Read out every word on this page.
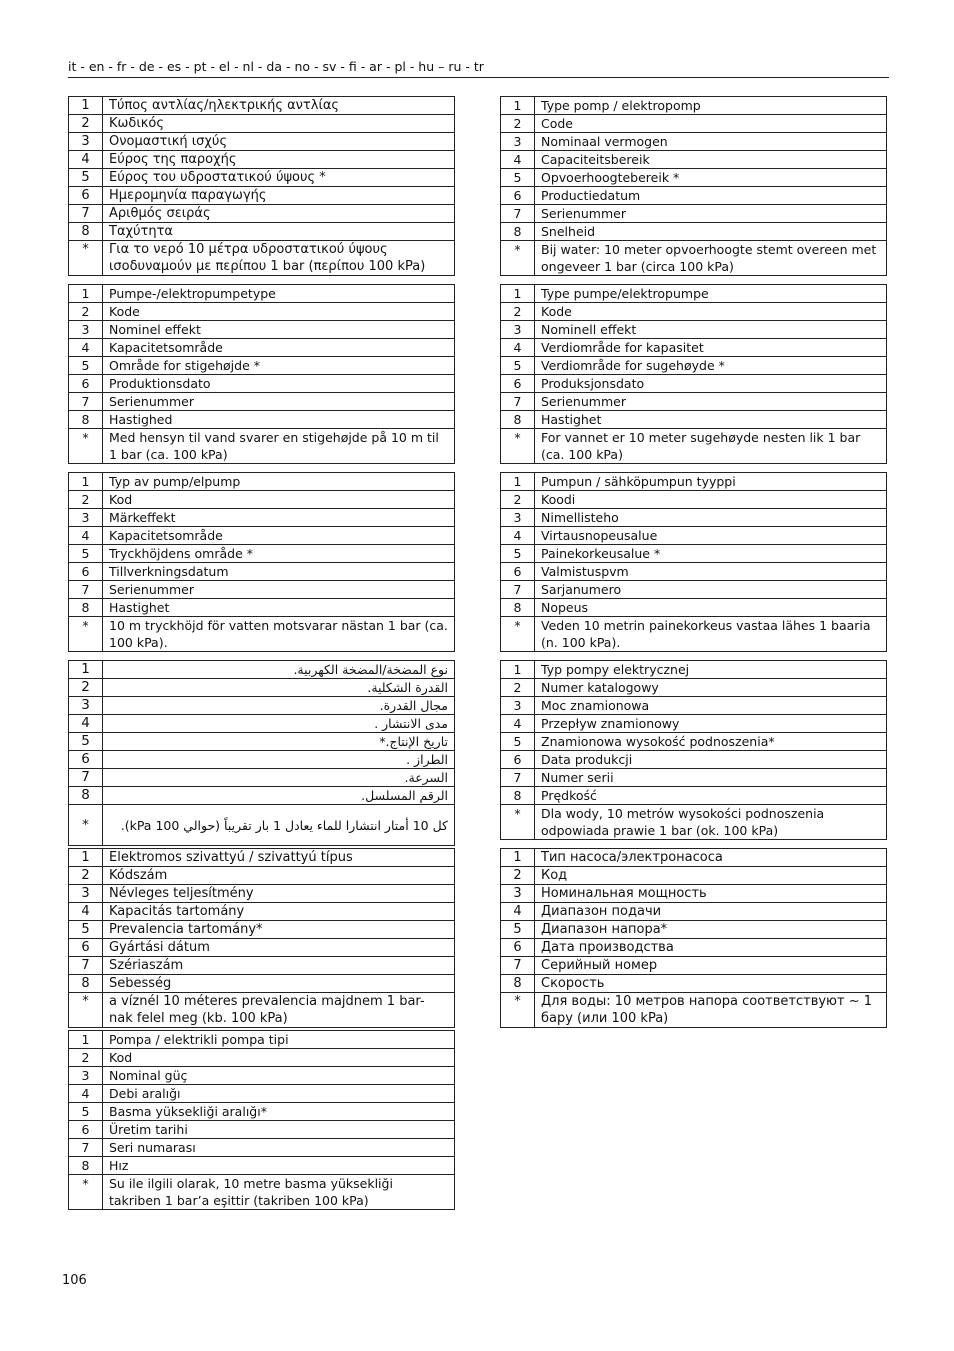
it - en - fr - de - es - pt - el - nl - da - no - sv - fi - ar - pl - hu – ru - tr
1	Τύπος αντλίας/ηλεκτρικής αντλίας
2	Κωδικός
3	Ονομαστική ισχύς
4	Εύρος της παροχής
5	Εύρος του υδροστατικού ύψους *
6	Ημερομηνία παραγωγής
7	Αριθμός σειράς
8	Ταχύτητα
*	Για το νερό 10 μέτρα υδροστατικού ύψους ισοδυναμούν με περίπου 1 bar (περίπου 100 kPa)
1	Type pomp / elektropomp
2	Code
3	Nominaal vermogen
4	Capaciteitsbereik
5	Opvoerhoogtebereik *
6	Productiedatum
7	Serienummer
8	Snelheid
*	Bij water: 10 meter opvoerhoogte stemt overeen met ongeveer 1 bar (circa 100 kPa)
1	Pumpe-/elektropumpetype
2	Kode
3	Nominel effekt
4	Kapacitetsområde
5	Område for stigehøjde *
6	Produktionsdato
7	Serienummer
8	Hastighed
*	Med hensyn til vand svarer en stigehøjde på 10 m til 1 bar (ca. 100 kPa)
1	Type pumpe/elektropumpe
2	Kode
3	Nominell effekt
4	Verdiområde for kapasitet
5	Verdiområde for sugehøyde *
6	Produksjonsdato
7	Serienummer
8	Hastighet
*	For vannet er 10 meter sugehøyde nesten lik 1 bar (ca. 100 kPa)
1	Typ av pump/elpump
2	Kod
3	Märkeffekt
4	Kapacitetsområde
5	Tryckhöjdens område *
6	Tillverkningsdatum
7	Serienummer
8	Hastighet
*	10 m tryckhöjd för vatten motsvarar nästan 1 bar (ca. 100 kPa).
1	Pumpun / sähköpumpun tyyppi
2	Koodi
3	Nimellisteho
4	Virtausnopeusalue
5	Painekorkeusalue *
6	Valmistuspvm
7	Sarjanumero
8	Nopeus
*	Veden 10 metrin painekorkeus vastaa lähes 1 baaria (n. 100 kPa).
1	نوع المضخة/المضخة الكهربية.
2	القدرة الشكلية.
3	مجال القدرة.
4	مدى الانتشار .
5	تاريخ الإنتاج.*
6	الطراز .
7	السرعة.
8	الرقم المسلسل.
*	كل 10 أمتار انتشارا للماء يعادل 1 بار تقريباً (حوالي 100 kPa).
1	Typ pompy elektrycznej
2	Numer katalogowy
3	Moc znamionowa
4	Przepływ znamionowy
5	Znamionowa wysokość podnoszenia*
6	Data produkcji
7	Numer serii
8	Prędkość
*	Dla wody, 10 metrów wysokości podnoszenia odpowiada prawie 1 bar (ok. 100 kPa)
1	Elektromos szivattyú / szivattyú típus
2	Kódszám
3	Névleges teljesítmény
4	Kapacitás tartomány
5	Prevalencia tartomány*
6	Gyártási dátum
7	Szériaszám
8	Sebesség
*	a víznél 10 méteres prevalencia majdnem 1 bar-nak felel meg (kb. 100 kPa)
1	Тип насоса/электронасоса
2	Код
3	Номинальная мощность
4	Диапазон подачи
5	Диапазон напора*
6	Дата производства
7	Серийный номер
8	Скорость
*	Для воды: 10 метров напора соответствуют ~ 1 бару (или 100 kPa)
1	Pompa / elektrikli pompa tipi
2	Kod
3	Nominal güç
4	Debi aralığı
5	Basma yüksekliği aralığı*
6	Üretim tarihi
7	Seri numarası
8	Hız
*	Su ile ilgili olarak, 10 metre basma yüksekliği takriben 1 bar’a eşittir (takriben 100 kPa)
106
